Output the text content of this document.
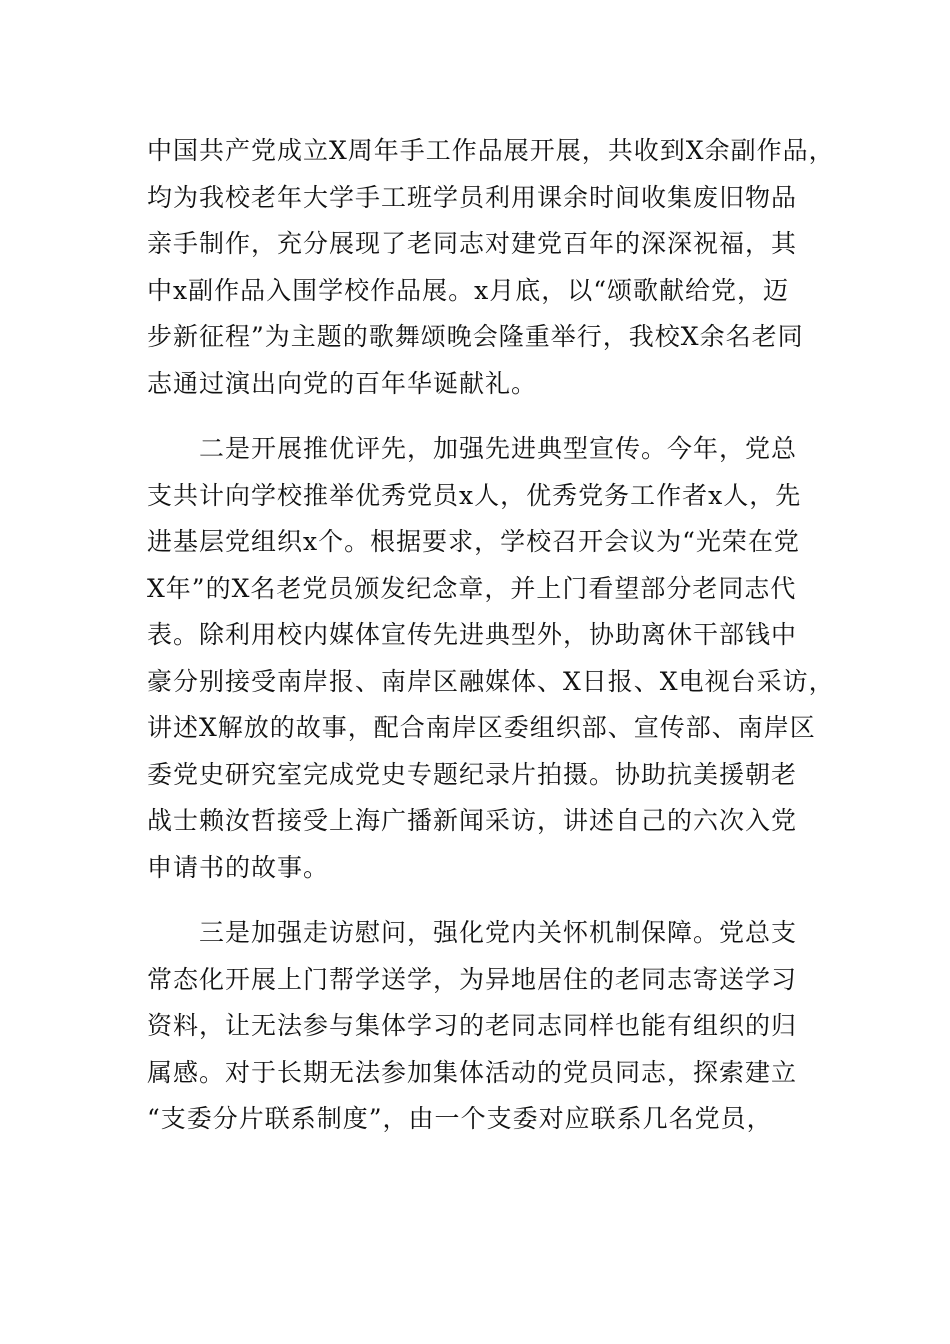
中国共产党成立X周年手工作品展开展，共收到X余副作品，
均为我校老年大学手工班学员利用课余时间收集废旧物品
亲手制作，充分展现了老同志对建党百年的深深祝福，其
中x副作品入围学校作品展。x月底，以“颂歌献给党，迈
步新征程”为主题的歌舞颂晚会隆重举行，我校X余名老同
志通过演出向党的百年华诞献礼。
二是开展推优评先，加强先进典型宣传。今年，党总
支共计向学校推举优秀党员x人，优秀党务工作者x人，先
进基层党组织x个。根据要求，学校召开会议为“光荣在党
X年”的X名老党员颁发纪念章，并上门看望部分老同志代
表。除利用校内媒体宣传先进典型外，协助离休干部钱中
豪分别接受南岸报、南岸区融媒体、X日报、X电视台采访，
讲述X解放的故事，配合南岸区委组织部、宣传部、南岸区
委党史研究室完成党史专题纪录片拍摄。协助抗美援朝老
战士赖汝哲接受上海广播新闻采访，讲述自己的六次入党
申请书的故事。
三是加强走访慰问，强化党内关怀机制保障。党总支
常态化开展上门帮学送学，为异地居住的老同志寄送学习
资料，让无法参与集体学习的老同志同样也能有组织的归
属感。对于长期无法参加集体活动的党员同志，探索建立
“支委分片联系制度”，由一个支委对应联系几名党员，
